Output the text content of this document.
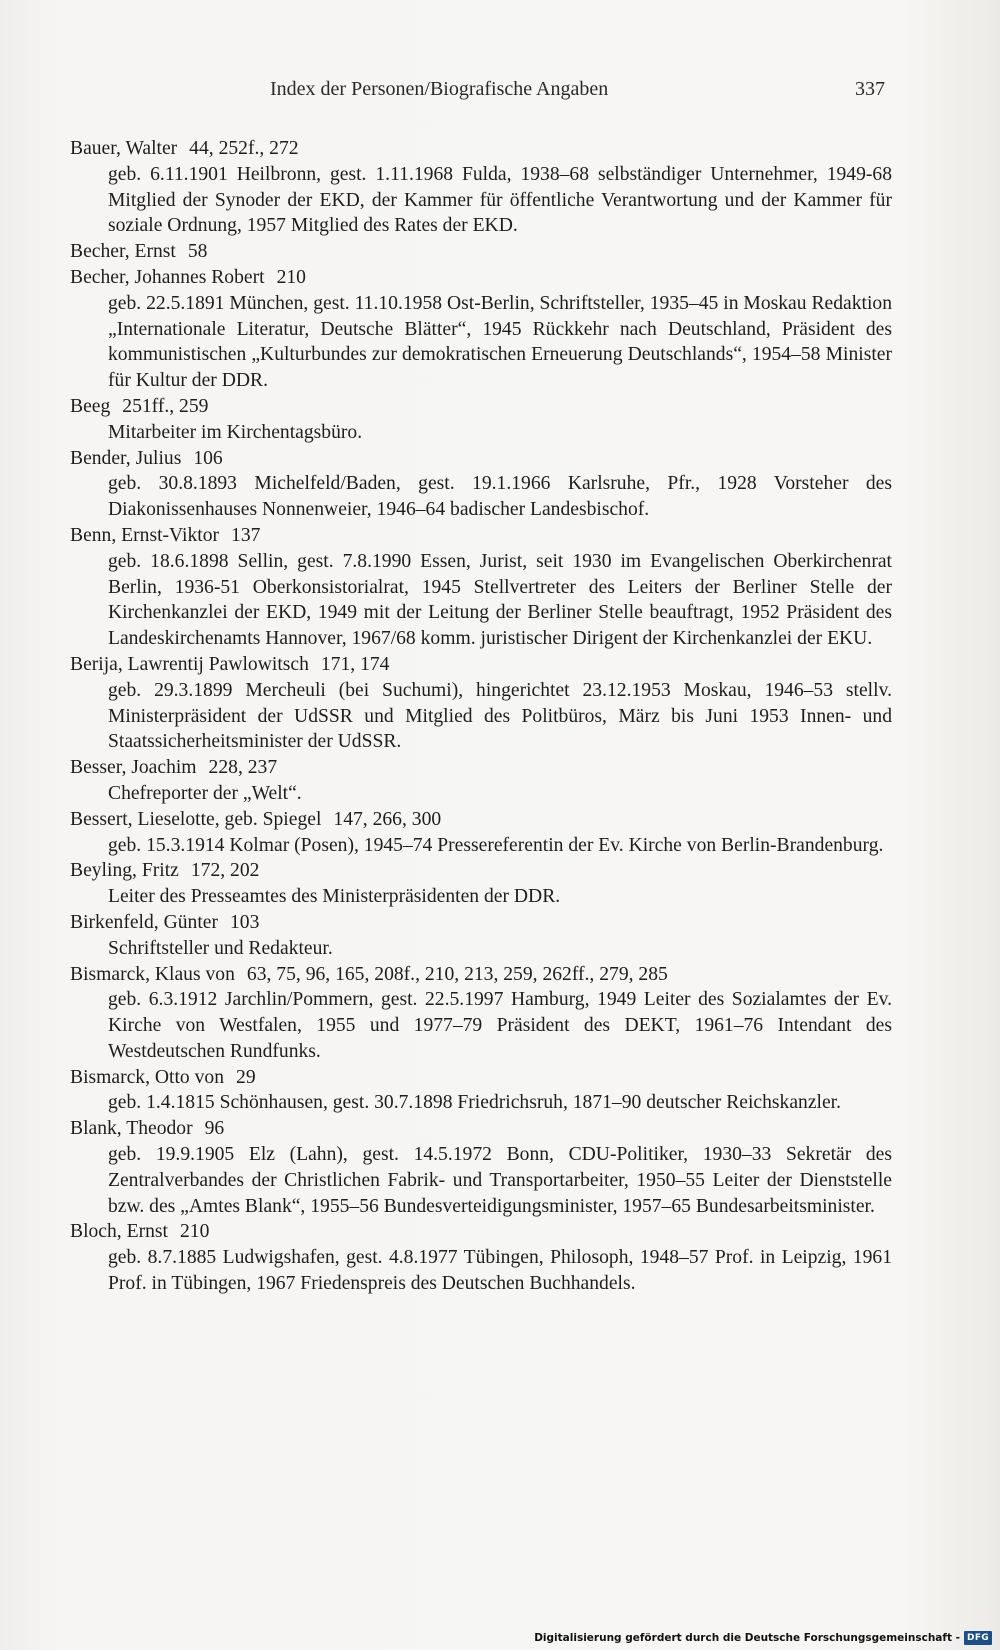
Index der Personen/Biografische Angaben	337
Bauer, Walter 44, 252f., 272
geb. 6.11.1901 Heilbronn, gest. 1.11.1968 Fulda, 1938–68 selbständiger Unternehmer, 1949-68 Mitglied der Synoder der EKD, der Kammer für öffentliche Verantwortung und der Kammer für soziale Ordnung, 1957 Mitglied des Rates der EKD.
Becher, Ernst 58
Becher, Johannes Robert 210
geb. 22.5.1891 München, gest. 11.10.1958 Ost-Berlin, Schriftsteller, 1935–45 in Moskau Redaktion „Internationale Literatur, Deutsche Blätter“, 1945 Rückkehr nach Deutschland, Präsident des kommunistischen „Kulturbundes zur demokratischen Erneuerung Deutschlands“, 1954–58 Minister für Kultur der DDR.
Beeg 251ff., 259
Mitarbeiter im Kirchentagsbüro.
Bender, Julius 106
geb. 30.8.1893 Michelfeld/Baden, gest. 19.1.1966 Karlsruhe, Pfr., 1928 Vorsteher des Diakonissenhauses Nonnenweier, 1946–64 badischer Landesbischof.
Benn, Ernst-Viktor 137
geb. 18.6.1898 Sellin, gest. 7.8.1990 Essen, Jurist, seit 1930 im Evangelischen Oberkirchenrat Berlin, 1936-51 Oberkonsistorialrat, 1945 Stellvertreter des Leiters der Berliner Stelle der Kirchenkanzlei der EKD, 1949 mit der Leitung der Berliner Stelle beauftragt, 1952 Präsident des Landeskirchenamts Hannover, 1967/68 komm. juristischer Dirigent der Kirchenkanzlei der EKU.
Berija, Lawrentij Pawlowitsch 171, 174
geb. 29.3.1899 Mercheuli (bei Suchumi), hingerichtet 23.12.1953 Moskau, 1946–53 stellv. Ministerpräsident der UdSSR und Mitglied des Politbüros, März bis Juni 1953 Innen- und Staatssicherheitsminister der UdSSR.
Besser, Joachim 228, 237
Chefreporter der „Welt“.
Bessert, Lieselotte, geb. Spiegel 147, 266, 300
geb. 15.3.1914 Kolmar (Posen), 1945–74 Pressereferentin der Ev. Kirche von Berlin-Brandenburg.
Beyling, Fritz 172, 202
Leiter des Presseamtes des Ministerpräsidenten der DDR.
Birkenfeld, Günter 103
Schriftsteller und Redakteur.
Bismarck, Klaus von 63, 75, 96, 165, 208f., 210, 213, 259, 262ff., 279, 285
geb. 6.3.1912 Jarchlin/Pommern, gest. 22.5.1997 Hamburg, 1949 Leiter des Sozialamtes der Ev. Kirche von Westfalen, 1955 und 1977–79 Präsident des DEKT, 1961–76 Intendant des Westdeutschen Rundfunks.
Bismarck, Otto von 29
geb. 1.4.1815 Schönhausen, gest. 30.7.1898 Friedrichsruh, 1871–90 deutscher Reichskanzler.
Blank, Theodor 96
geb. 19.9.1905 Elz (Lahn), gest. 14.5.1972 Bonn, CDU-Politiker, 1930–33 Sekretär des Zentralverbandes der Christlichen Fabrik- und Transportarbeiter, 1950–55 Leiter der Dienststelle bzw. des „Amtes Blank“, 1955–56 Bundesverteidigungsminister, 1957–65 Bundesarbeitsminister.
Bloch, Ernst 210
geb. 8.7.1885 Ludwigshafen, gest. 4.8.1977 Tübingen, Philosoph, 1948–57 Prof. in Leipzig, 1961 Prof. in Tübingen, 1967 Friedenspreis des Deutschen Buchhandels.
Digitalisierung gefördert durch die Deutsche Forschungsgemeinschaft - DFG
